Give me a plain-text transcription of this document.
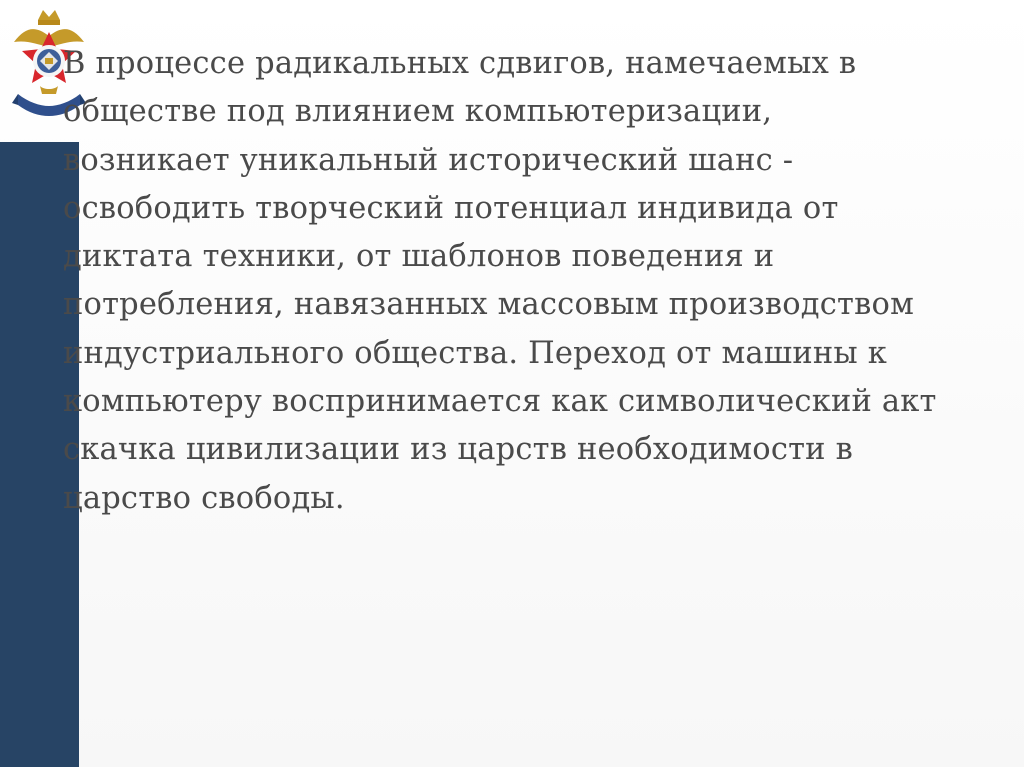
В процессе радикальных сдвигов, намечаемых в
обществе под влиянием компьютеризации,
возникает уникальный исторический шанс -
освободить творческий потенциал индивида от
диктата техники, от шаблонов поведения и
потребления, навязанных массовым производством
индустриального общества. Переход от машины к
компьютеру воспринимается как символический акт
скачка цивилизации из царств необходимости в
царство свободы.
